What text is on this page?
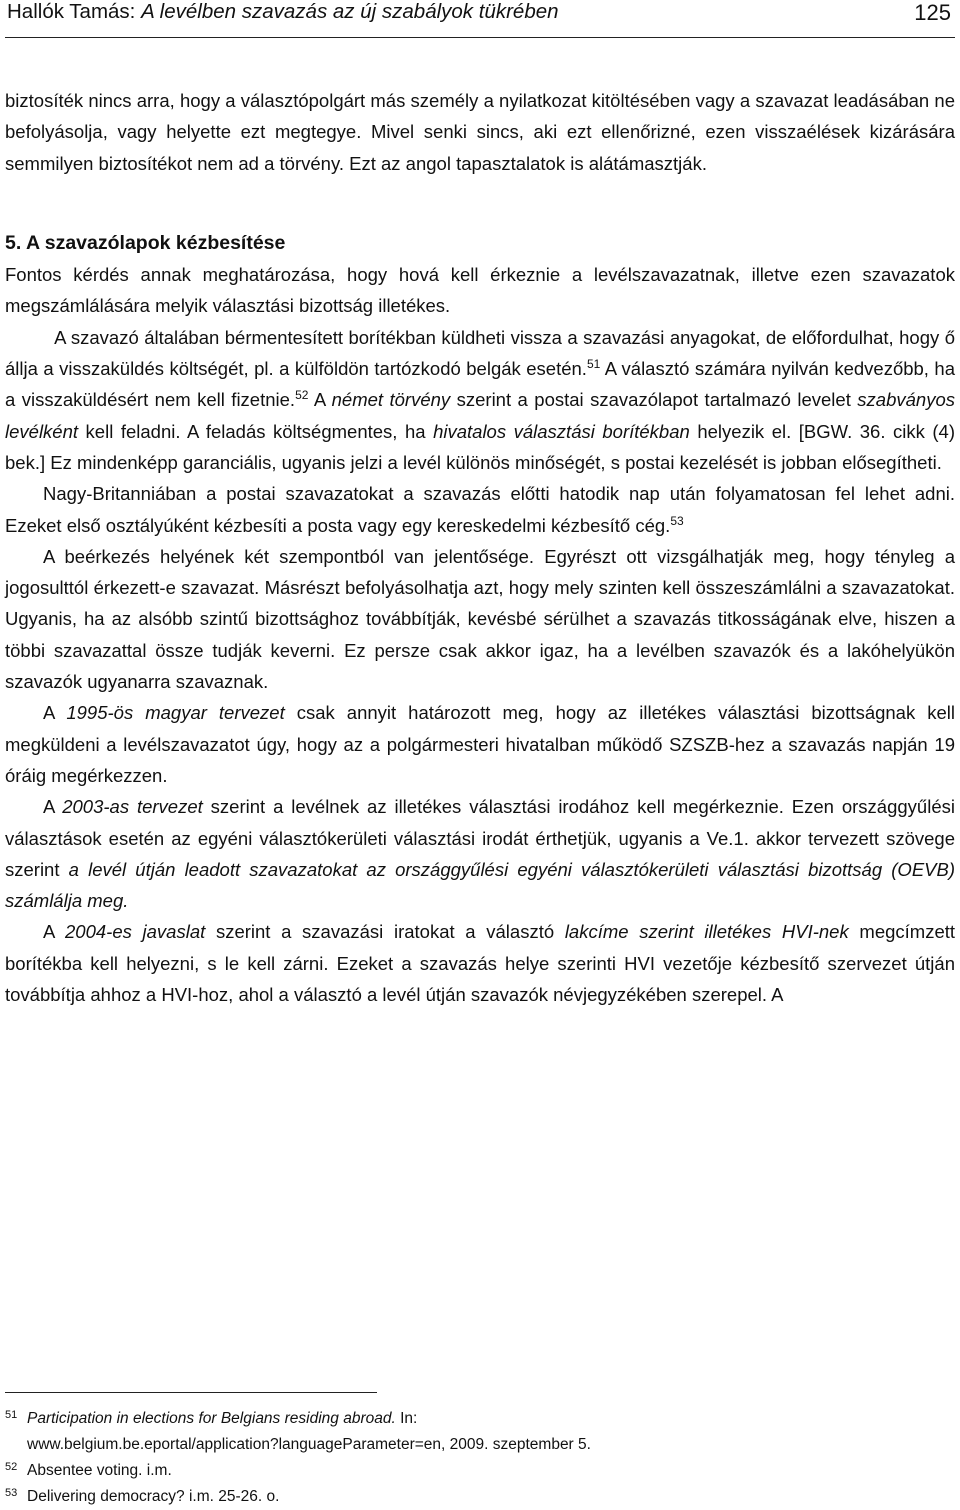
Hallók Tamás: A levélben szavazás az új szabályok tükrében	125

biztosíték nincs arra, hogy a választópolgárt más személy a nyilatkozat kitöltésében vagy a szavazat leadásában ne befolyásolja, vagy helyette ezt megtegye. Mivel senki sincs, aki ezt ellenőrizné, ezen visszaélések kizárására semmilyen biztosítékot nem ad a törvény. Ezt az angol tapasztalatok is alátámasztják.

5. A szavazólapok kézbesítése

Fontos kérdés annak meghatározása, hogy hová kell érkeznie a levélszavazatnak, illetve ezen szavazatok megszámlálására melyik választási bizottság illetékes.
A szavazó általában bérmentesített borítékban küldheti vissza a szavazási anyagokat, de előfordulhat, hogy ő állja a visszaküldés költségét, pl. a külföldön tartózkodó belgák esetén.$^{51}$ A választó számára nyilván kedvezőbb, ha a visszaküldésért nem kell fizetnie.$^{52}$ A német törvény szerint a postai szavazólapot tartalmazó levelet szabványos levélként kell feladni. A feladás költségmentes, ha hivatalos választási borítékban helyezik el. [BGW. 36. cikk (4) bek.] Ez mindenképp garanciális, ugyanis jelzi a levél különös minőségét, s postai kezelését is jobban elősegítheti.

Nagy-Britanniában a postai szavazatokat a szavazás előtti hatodik nap után folyamatosan fel lehet adni. Ezeket első osztályúként kézbesíti a posta vagy egy kereskedelmi kézbesítő cég.$^{53}$

A beérkezés helyének két szempontból van jelentősége. Egyrészt ott vizsgálhatják meg, hogy tényleg a jogosulttól érkezett-e szavazat. Másrészt befolyásolhatja azt, hogy mely szinten kell összeszámlálni a szavazatokat. Ugyanis, ha az alsóbb szintű bizottsághoz továbbítják, kevésbé sérülhet a szavazás titkosságának elve, hiszen a többi szavazattal össze tudják keverni. Ez persze csak akkor igaz, ha a levélben szavazók és a lakóhelyükön szavazók ugyanarra szavaznak.

A 1995-ös magyar tervezet csak annyit határozott meg, hogy az illetékes választási bizottságnak kell megküldeni a levélszavazatot úgy, hogy az a polgármesteri hivatalban működő SZSZB-hez a szavazás napján 19 óráig megérkezzen.

A 2003-as tervezet szerint a levélnek az illetékes választási irodához kell megérkeznie. Ezen országgyűlési választások esetén az egyéni választókerületi választási irodát érthetjük, ugyanis a Ve.1. akkor tervezett szövege szerint a levél útján leadott szavazatokat az országgyűlési egyéni választókerületi választási bizottság (OEVB) számlálja meg.

A 2004-es javaslat szerint a szavazási iratokat a választó lakcíme szerint illetékes HVI-nek megcímzett borítékba kell helyezni, s le kell zárni. Ezeket a szavazás helye szerinti HVI vezetője kézbesítő szervezet útján továbbítja ahhoz a HVI-hoz, ahol a választó a levél útján szavazók névjegyzékében szerepel. A

51 Participation in elections for Belgians residing abroad. In:
www.belgium.be.eportal/application?languageParameter=en, 2009. szeptember 5.
52 Absentee voting. i.m.
53 Delivering democracy? i.m. 25-26. o.
